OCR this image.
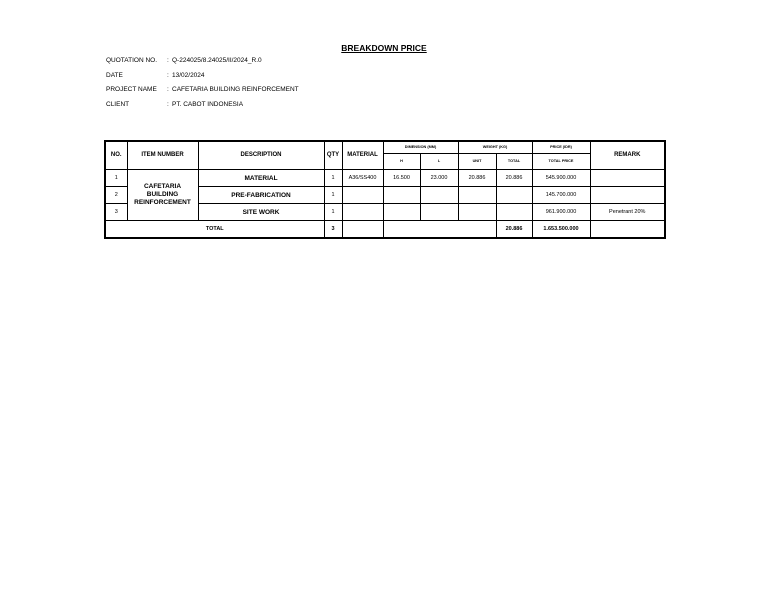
BREAKDOWN PRICE
QUOTATION NO. : Q-224025/8.24025/II/2024_R.0
DATE	: 13/02/2024
PROJECT NAME : CAFETARIA BUILDING REINFORCEMENT
CLIENT	: PT. CABOT INDONESIA
NO.	ITEM NUMBER	DESCRIPTION	QTY	MATERIAL	DIMENSION (MM)		WEIGHT (KG)		PRICE (IDR)	REMARK
					H	L	UNIT	TOTAL	TOTAL PRICE	
1	CAFETARIA BUILDING REINFORCEMENT	MATERIAL	1	A36/SS400	16.500	23.000	20.886	20.886	545.900.000	
2		PRE-FABRICATION	1						145.700.000	
3		SITE WORK	1						961.900.000	Penetrant 20%
TOTAL			3					20.886	1.653.500.000	
